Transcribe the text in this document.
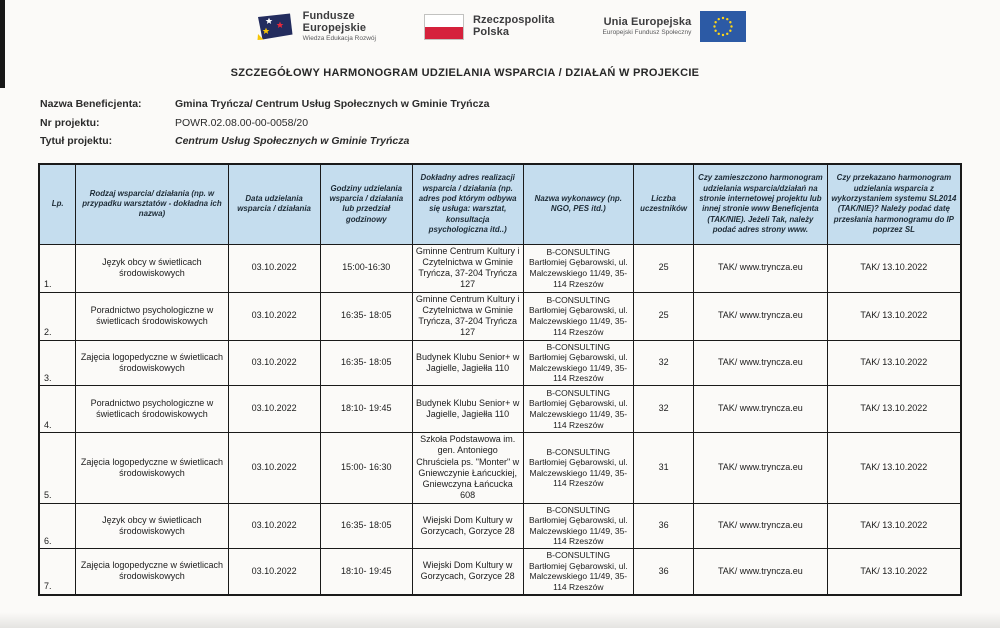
Fundusze
Europejskie
Wiedza Edukacja Rozwój
Rzeczpospolita
Polska
Unia Europejska
Europejski Fundusz Społeczny
SZCZEGÓŁOWY HARMONOGRAM UDZIELANIA WSPARCIA / DZIAŁAŃ W PROJEKCIE
Nazwa Beneficjenta:	Gmina Tryńcza/ Centrum Usług Społecznych w Gminie Tryńcza
Nr projektu:	POWR.02.08.00-00-0058/20
Tytuł projektu:	Centrum Usług Społecznych w Gminie Tryńcza
Lp.	Rodzaj wsparcia/ działania (np. w przypadku warsztatów - dokładna ich nazwa)	Data udzielania wsparcia / działania	Godziny udzielania wsparcia / działania lub przedział godzinowy	Dokładny adres realizacji wsparcia / działania (np. adres pod którym odbywa się usługa: warsztat, konsultacja psychologiczna itd..)	Nazwa wykonawcy (np. NGO, PES itd.)	Liczba uczestników	Czy zamieszczono harmonogram udzielania wsparcia/działań na stronie internetowej projektu lub innej stronie www Beneficjenta (TAK/NIE). Jeżeli Tak, należy podać adres strony www.	Czy przekazano harmonogram udzielania wsparcia z wykorzystaniem systemu SL2014 (TAK/NIE)? Należy podać datę przesłania harmonogramu do IP poprzez SL
1.	Język obcy w świetlicach środowiskowych	03.10.2022	15:00-16:30	Gminne Centrum Kultury i Czytelnictwa w Gminie Tryńcza, 37-204 Tryńcza 127	B-CONSULTING Bartłomiej Gębarowski, ul. Malczewskiego 11/49, 35-114 Rzeszów	25	TAK/ www.tryncza.eu	TAK/ 13.10.2022
2.	Poradnictwo psychologiczne w świetlicach środowiskowych	03.10.2022	16:35- 18:05	Gminne Centrum Kultury i Czytelnictwa w Gminie Tryńcza, 37-204 Tryńcza 127	B-CONSULTING Bartłomiej Gębarowski, ul. Malczewskiego 11/49, 35-114 Rzeszów	25	TAK/ www.tryncza.eu	TAK/ 13.10.2022
3.	Zajęcia logopedyczne w świetlicach środowiskowych	03.10.2022	16:35- 18:05	Budynek Klubu Senior+ w Jagielle, Jagiełła 110	B-CONSULTING Bartłomiej Gębarowski, ul. Malczewskiego 11/49, 35-114 Rzeszów	32	TAK/ www.tryncza.eu	TAK/ 13.10.2022
4.	Poradnictwo psychologiczne w świetlicach środowiskowych	03.10.2022	18:10- 19:45	Budynek Klubu Senior+ w Jagielle, Jagiełła 110	B-CONSULTING Bartłomiej Gębarowski, ul. Malczewskiego 11/49, 35-114 Rzeszów	32	TAK/ www.tryncza.eu	TAK/ 13.10.2022
5.	Zajęcia logopedyczne w świetlicach środowiskowych	03.10.2022	15:00- 16:30	Szkoła Podstawowa im. gen. Antoniego Chruściela ps. "Monter" w Gniewczynie Łańcuckiej, Gniewczyna Łańcucka 608	B-CONSULTING Bartłomiej Gębarowski, ul. Malczewskiego 11/49, 35-114 Rzeszów	31	TAK/ www.tryncza.eu	TAK/ 13.10.2022
6.	Język obcy w świetlicach środowiskowych	03.10.2022	16:35- 18:05	Wiejski Dom Kultury w Gorzycach, Gorzyce 28	B-CONSULTING Bartłomiej Gębarowski, ul. Malczewskiego 11/49, 35-114 Rzeszów	36	TAK/ www.tryncza.eu	TAK/ 13.10.2022
7.	Zajęcia logopedyczne w świetlicach środowiskowych	03.10.2022	18:10- 19:45	Wiejski Dom Kultury w Gorzycach, Gorzyce 28	B-CONSULTING Bartłomiej Gębarowski, ul. Malczewskiego 11/49, 35-114 Rzeszów	36	TAK/ www.tryncza.eu	TAK/ 13.10.2022
